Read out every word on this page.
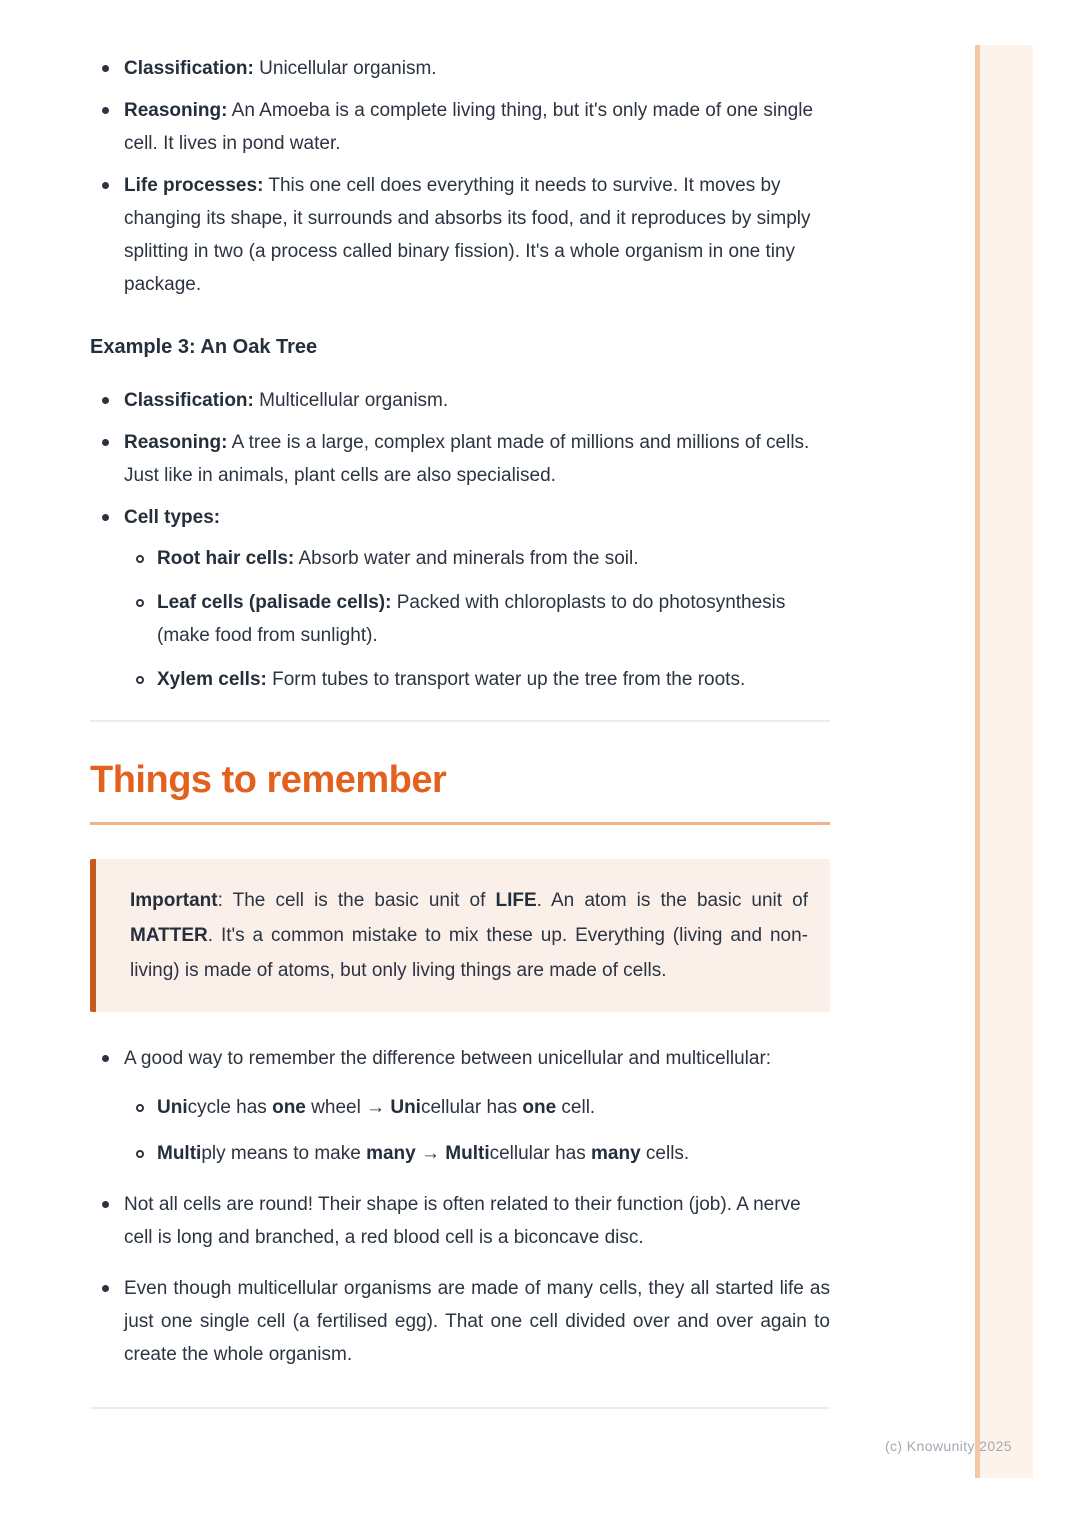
(c) Knowunity 2025

Classification: Unicellular organism.

Reasoning: An Amoeba is a complete living thing, but it's only made of one single cell. It lives in pond water.

Life processes: This one cell does everything it needs to survive. It moves by changing its shape, it surrounds and absorbs its food, and it reproduces by simply splitting in two (a process called binary fission). It's a whole organism in one tiny package.

Example 3: An Oak Tree

Classification: Multicellular organism.

Reasoning: A tree is a large, complex plant made of millions and millions of cells. Just like in animals, plant cells are also specialised.

Cell types:

Root hair cells: Absorb water and minerals from the soil.

Leaf cells (palisade cells): Packed with chloroplasts to do photosynthesis (make food from sunlight).

Xylem cells: Form tubes to transport water up the tree from the roots.

Things to remember

Important: The cell is the basic unit of LIFE. An atom is the basic unit of MATTER. It's a common mistake to mix these up. Everything (living and non-living) is made of atoms, but only living things are made of cells.

A good way to remember the difference between unicellular and multicellular:

Unicycle has one wheel → Unicellular has one cell.

Multiply means to make many → Multicellular has many cells.

Not all cells are round! Their shape is often related to their function (job). A nerve cell is long and branched, a red blood cell is a biconcave disc.

Even though multicellular organisms are made of many cells, they all started life as just one single cell (a fertilised egg). That one cell divided over and over again to create the whole organism.
